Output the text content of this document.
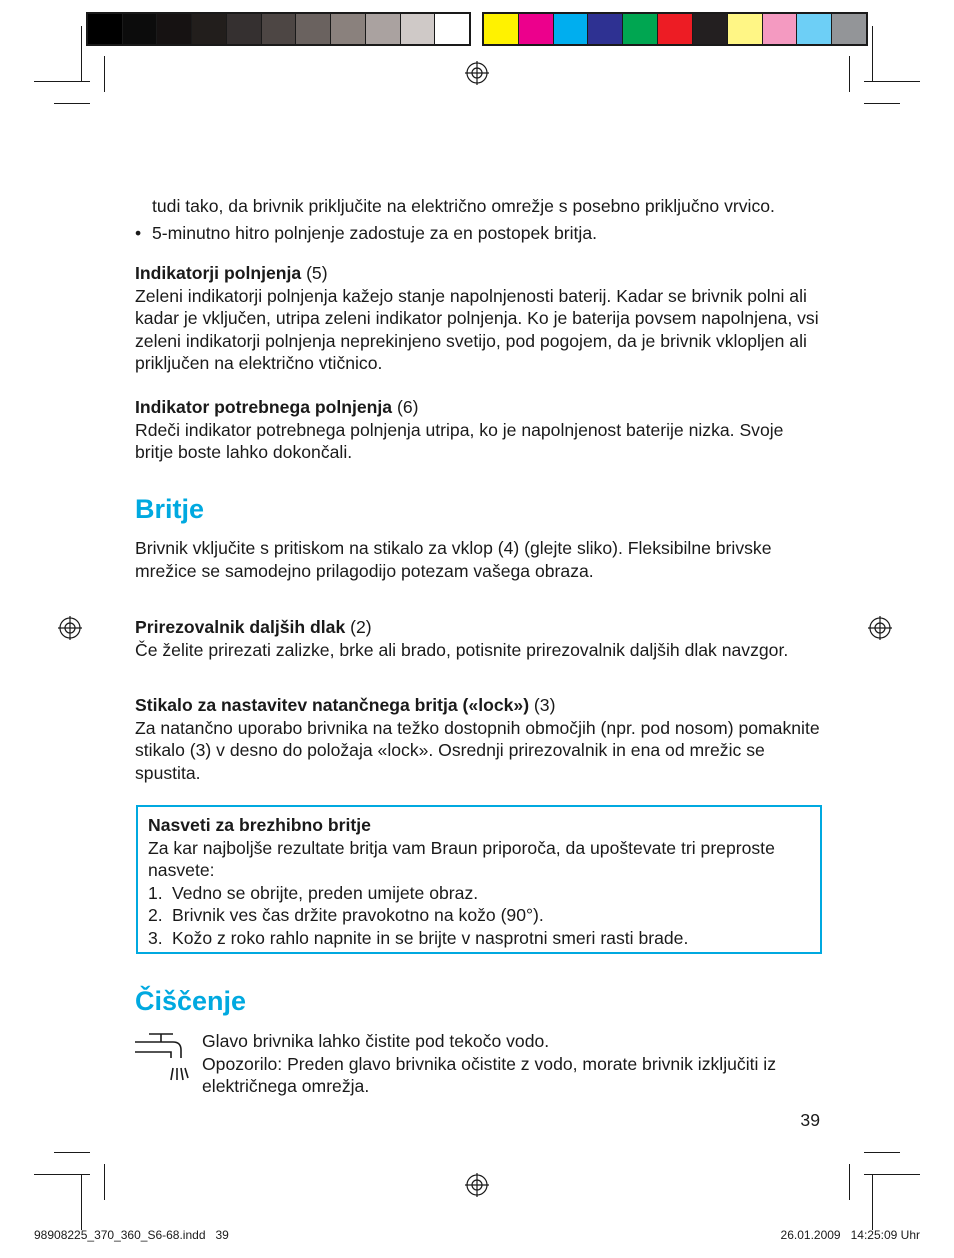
tudi tako, da brivnik priključite na električno omrežje s posebno priključno vrvico.

• 5-minutno hitro polnjenje zadostuje za en postopek britja.

Indikatorji polnjenja (5)

Zeleni indikatorji polnjenja kažejo stanje napolnjenosti baterij. Kadar se brivnik polni ali kadar je vključen, utripa zeleni indikator polnjenja. Ko je baterija povsem napolnjena, vsi zeleni indikatorji polnjenja neprekinjeno svetijo, pod pogojem, da je brivnik vklopljen ali priključen na električno vtičnico.

Indikator potrebnega polnjenja (6)

Rdeči indikator potrebnega polnjenja utripa, ko je napolnjenost baterije nizka. Svoje britje boste lahko dokončali.

Britje

Brivnik vključite s pritiskom na stikalo za vklop (4) (glejte sliko). Fleksibilne brivske mrežice se samodejno prilagodijo potezam vašega obraza.

Prirezovalnik daljših dlak (2)

Če želite prirezati zalizke, brke ali brado, potisnite prirezovalnik daljših dlak navzgor.

Stikalo za nastavitev natančnega britja («lock») (3)

Za natančno uporabo brivnika na težko dostopnih območjih (npr. pod nosom) pomaknite stikalo (3) v desno do položaja «lock». Osrednji prirezovalnik in ena od mrežic se spustita.

Nasveti za brezhibno britje

Za kar najboljše rezultate britja vam Braun priporoča, da upoštevate tri preproste nasvete:

1. Vedno se obrijte, preden umijete obraz.
2. Brivnik ves čas držite pravokotno na kožo (90°).
3. Kožo z roko rahlo napnite in se brijte v nasprotni smeri rasti brade.
Čiščenje

Glavo brivnika lahko čistite pod tekočo vodo.

Opozorilo: Preden glavo brivnika očistite z vodo, morate brivnik izključiti iz električnega omrežja.

39
98908225_370_360_S6-68.indd   39	26.01.2009   14:25:09 Uhr
